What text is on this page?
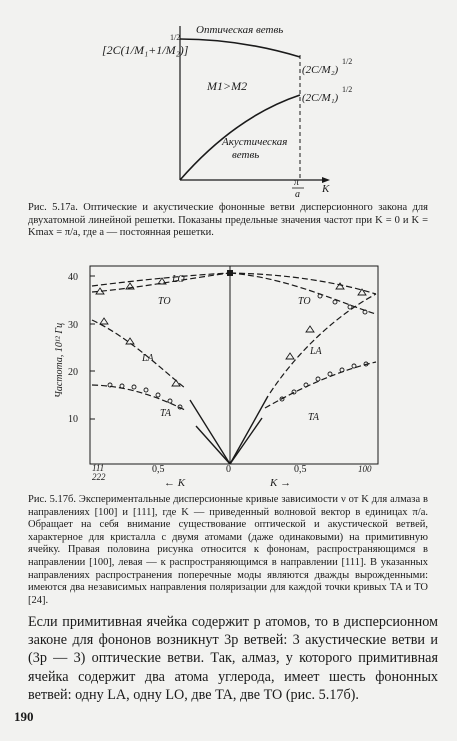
[2C(1/M₁+1/M₂)]
1/2
Оптическая ветвь
Акустическая
ветвь
M1>M2
(2C/M₂)
1/2
(2C/M₁)
1/2
π
a K
Рис. 5.17a. Оптические и акустические фононные ветви дисперсионного закона для двухатомной линейной решетки. Показаны предельные значения частот при K = 0 и K = Kmax = π/a, где a — постоянная решетки.
40
30
20
10
Частота, 10¹² Гц
LO
TO	TO
LA
LA
TA	TA
111
222
0,5	0	0,5	100
← K	K →
Рис. 5.17б. Экспериментальные дисперсионные кривые зависимости ν от K для алмаза в направлениях [100] и [111], где K — приведенный волновой вектор в единицах π/a. Обращает на себя внимание существование оптической и акустической ветвей, характерное для кристалла с двумя атомами (даже одинаковыми) на примитивную ячейку. Правая половина рисунка относится к фононам, распространяющимся в направлении [100], левая — к распространяющимся в направлении [111]. В указанных направлениях распространения поперечные моды являются дважды вырожденными: имеются два независимых направления поляризации для каждой точки кривых TA и TO [24].
Если примитивная ячейка содержит p атомов, то в дисперсионном законе для фононов возникнут 3p ветвей: 3 акустические ветви и (3p — 3) оптические ветви. Так, алмаз, у которого примитивная ячейка содержит два атома углерода, имеет шесть фононных ветвей: одну LA, одну LO, две TA, две TO (рис. 5.17б).
190
